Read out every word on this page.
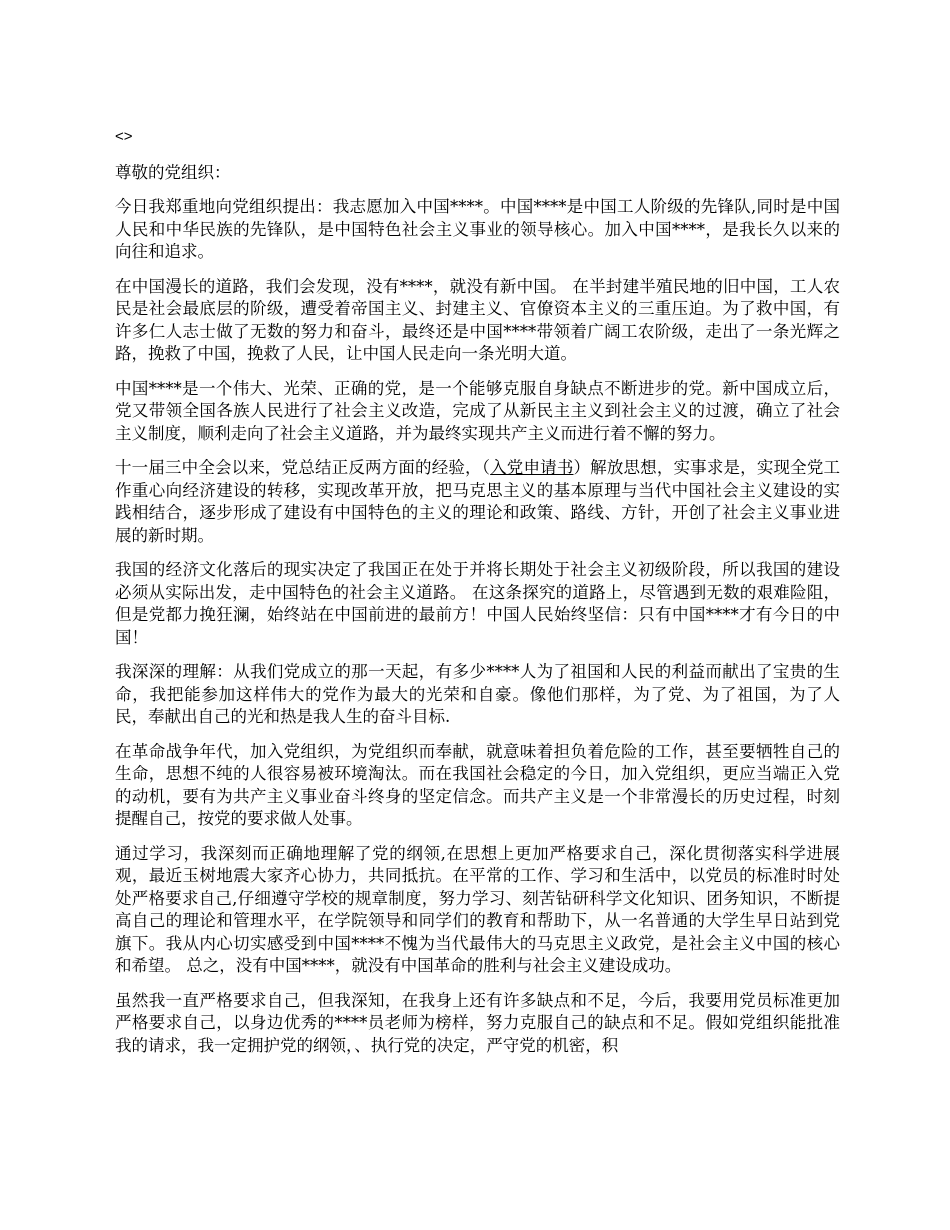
<>
尊敬的党组织：

今日我郑重地向党组织提出：我志愿加入中国****。中国****是中国工人阶级的先锋队,同时是中国人民和中华民族的先锋队，是中国特色社会主义事业的领导核心。加入中国****，是我长久以来的向往和追求。

在中国漫长的道路，我们会发现，没有****，就没有新中国。 在半封建半殖民地的旧中国，工人农民是社会最底层的阶级，遭受着帝国主义、封建主义、官僚资本主义的三重压迫。为了救中国，有许多仁人志士做了无数的努力和奋斗，最终还是中国****带领着广阔工农阶级，走出了一条光辉之路，挽救了中国，挽救了人民，让中国人民走向一条光明大道。

中国****是一个伟大、光荣、正确的党，是一个能够克服自身缺点不断进步的党。新中国成立后，党又带领全国各族人民进行了社会主义改造，完成了从新民主主义到社会主义的过渡，确立了社会主义制度，顺利走向了社会主义道路，并为最终实现共产主义而进行着不懈的努力。

十一届三中全会以来，党总结正反两方面的经验，（入党申请书）解放思想，实事求是，实现全党工作重心向经济建设的转移，实现改革开放，把马克思主义的基本原理与当代中国社会主义建设的实践相结合，逐步形成了建设有中国特色的主义的理论和政策、路线、方针，开创了社会主义事业进展的新时期。

我国的经济文化落后的现实决定了我国正在处于并将长期处于社会主义初级阶段，所以我国的建设必须从实际出发，走中国特色的社会主义道路。 在这条探究的道路上，尽管遇到无数的艰难险阻，但是党都力挽狂澜，始终站在中国前进的最前方！中国人民始终坚信：只有中国****才有今日的中国！

我深深的理解：从我们党成立的那一天起，有多少****人为了祖国和人民的利益而献出了宝贵的生命，我把能参加这样伟大的党作为最大的光荣和自豪。像他们那样，为了党、为了祖国，为了人民，奉献出自己的光和热是我人生的奋斗目标.

在革命战争年代，加入党组织，为党组织而奉献，就意味着担负着危险的工作，甚至要牺牲自己的生命，思想不纯的人很容易被环境淘汰。而在我国社会稳定的今日，加入党组织，更应当端正入党的动机，要有为共产主义事业奋斗终身的坚定信念。而共产主义是一个非常漫长的历史过程，时刻提醒自己，按党的要求做人处事。

通过学习，我深刻而正确地理解了党的纲领,在思想上更加严格要求自己，深化贯彻落实科学进展观，最近玉树地震大家齐心协力，共同抵抗。在平常的工作、学习和生活中，以党员的标准时时处处严格要求自己,仔细遵守学校的规章制度，努力学习、刻苦钻研科学文化知识、团务知识，不断提高自己的理论和管理水平，在学院领导和同学们的教育和帮助下，从一名普通的大学生早日站到党旗下。我从内心切实感受到中国****不愧为当代最伟大的马克思主义政党，是社会主义中国的核心和希望。 总之，没有中国****，就没有中国革命的胜利与社会主义建设成功。

虽然我一直严格要求自己，但我深知，在我身上还有许多缺点和不足，今后，我要用党员标准更加严格要求自己，以身边优秀的****员老师为榜样，努力克服自己的缺点和不足。假如党组织能批准我的请求，我一定拥护党的纲领，、执行党的决定，严守党的机密，积
